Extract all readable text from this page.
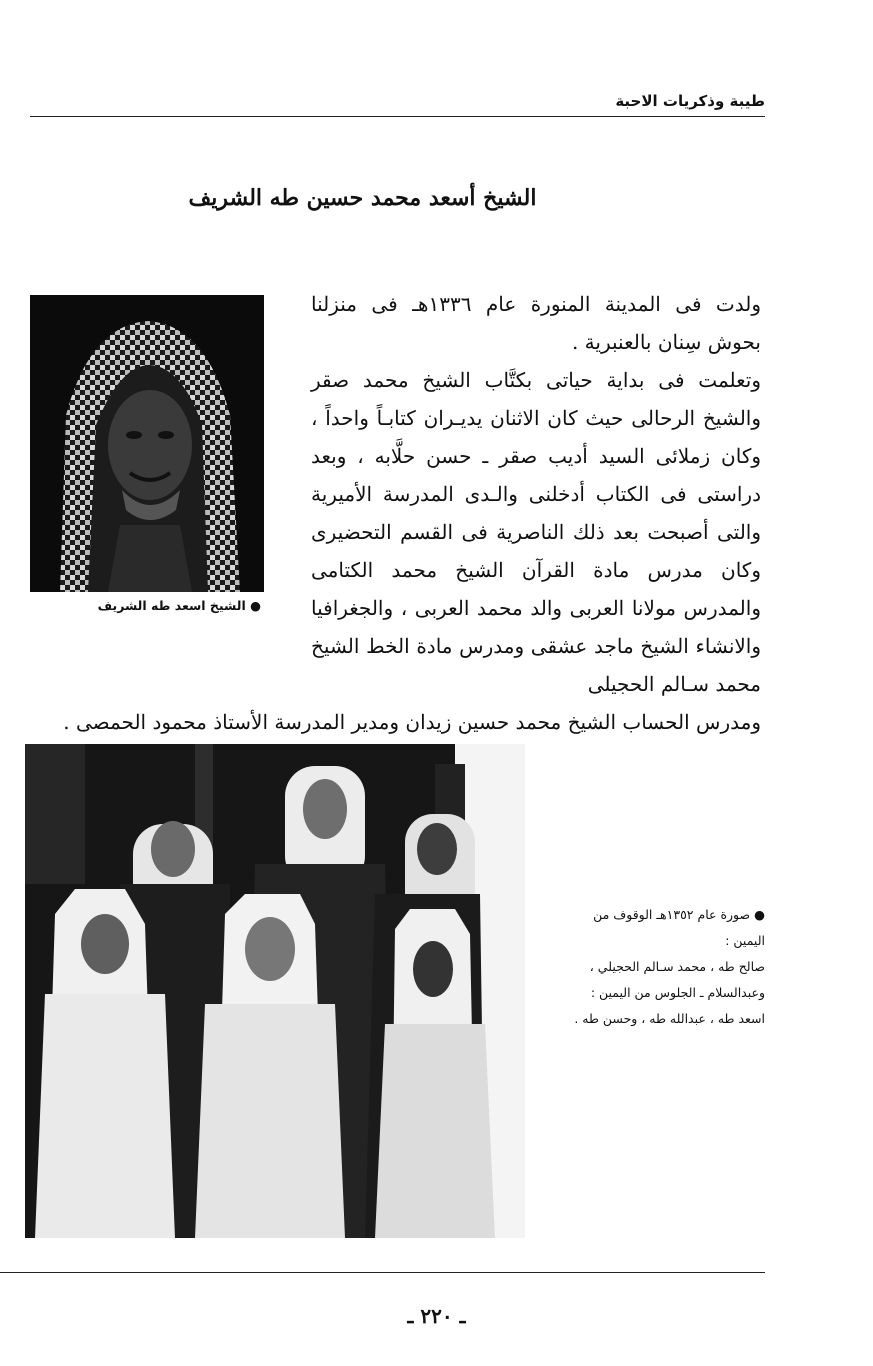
طيبة وذكريات الاحبة
الشيخ أسعد محمد حسين طه الشريف

ولدت فى المدينة المنورة عام ١٣٣٦هـ فى منزلنا بحوش سِنان بالعنبرية .

وتعلمت فى بداية حياتى بكتَّاب الشيخ محمد صقر والشيخ الرحالى حيث كان الاثنان يديـران كتابـاً واحداً ، وكان زملائى السيد أديب صقر ـ حسن حلَّابه ، وبعد دراستى فى الكتاب أدخلنى والـدى المدرسة الأميرية والتى أصبحت بعد ذلك الناصرية فى القسم التحضيرى وكان مدرس مادة القرآن الشيخ محمد الكتامى والمدرس مولانا العربى والد محمد العربى ، والجغرافيا والانشاء الشيخ ماجد عشقى ومدرس مادة الخط الشيخ محمد سـالم الحجيلى

ومدرس الحساب الشيخ محمد حسين زيدان ومدير المدرسة الأستاذ محمود الحمصى .
● الشيخ اسعد طه الشريف
● صورة عام ١٣٥٢هـ الوقوف من
اليمين :
صالح طه ، محمد سـالم الحجيلي ،
وعبدالسلام ـ الجلوس من اليمين :
اسعد طه ، عبدالله طه ، وحسن طه .
ـ ٢٢٠ ـ
